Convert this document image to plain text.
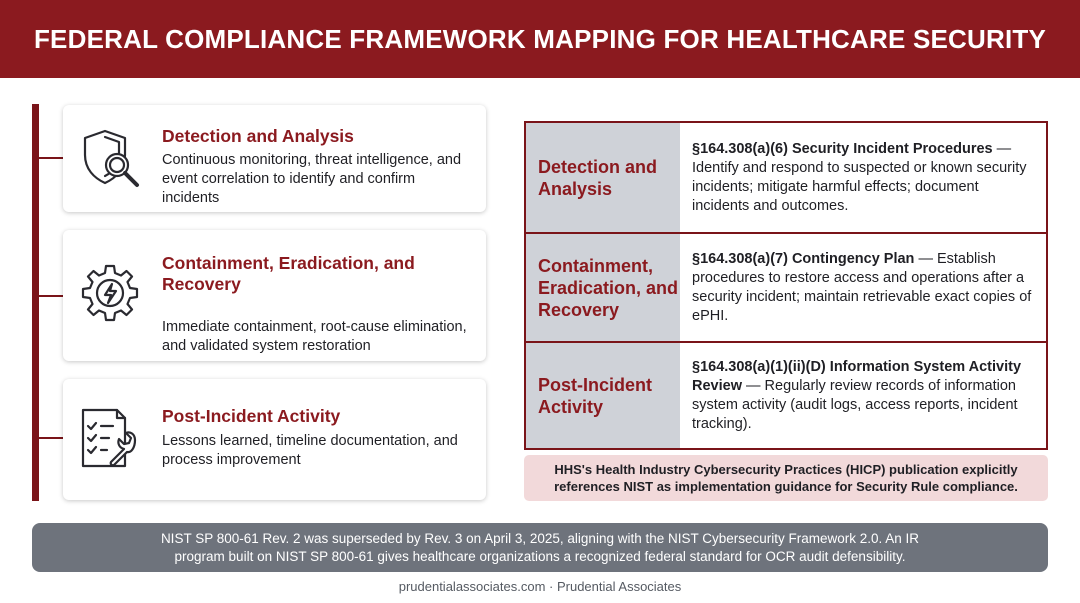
FEDERAL COMPLIANCE FRAMEWORK MAPPING FOR HEALTHCARE SECURITY
Detection and Analysis
Continuous monitoring, threat intelligence, and event correlation to identify and confirm incidents
Containment, Eradication, and Recovery
Immediate containment, root-cause elimination, and validated system restoration
Post-Incident Activity
Lessons learned, timeline documentation, and process improvement
Detection and Analysis
§164.308(a)(6) Security Incident Procedures — Identify and respond to suspected or known security incidents; mitigate harmful effects; document incidents and outcomes.
Containment, Eradication, and Recovery
§164.308(a)(7) Contingency Plan — Establish procedures to restore access and operations after a security incident; maintain retrievable exact copies of ePHI.
Post-Incident Activity
§164.308(a)(1)(ii)(D) Information System Activity Review — Regularly review records of information system activity (audit logs, access reports, incident tracking).
HHS's Health Industry Cybersecurity Practices (HICP) publication explicitly references NIST as implementation guidance for Security Rule compliance.
NIST SP 800-61 Rev. 2 was superseded by Rev. 3 on April 3, 2025, aligning with the NIST Cybersecurity Framework 2.0. An IR program built on NIST SP 800-61 gives healthcare organizations a recognized federal standard for OCR audit defensibility.
prudentialassociates.com · Prudential Associates
